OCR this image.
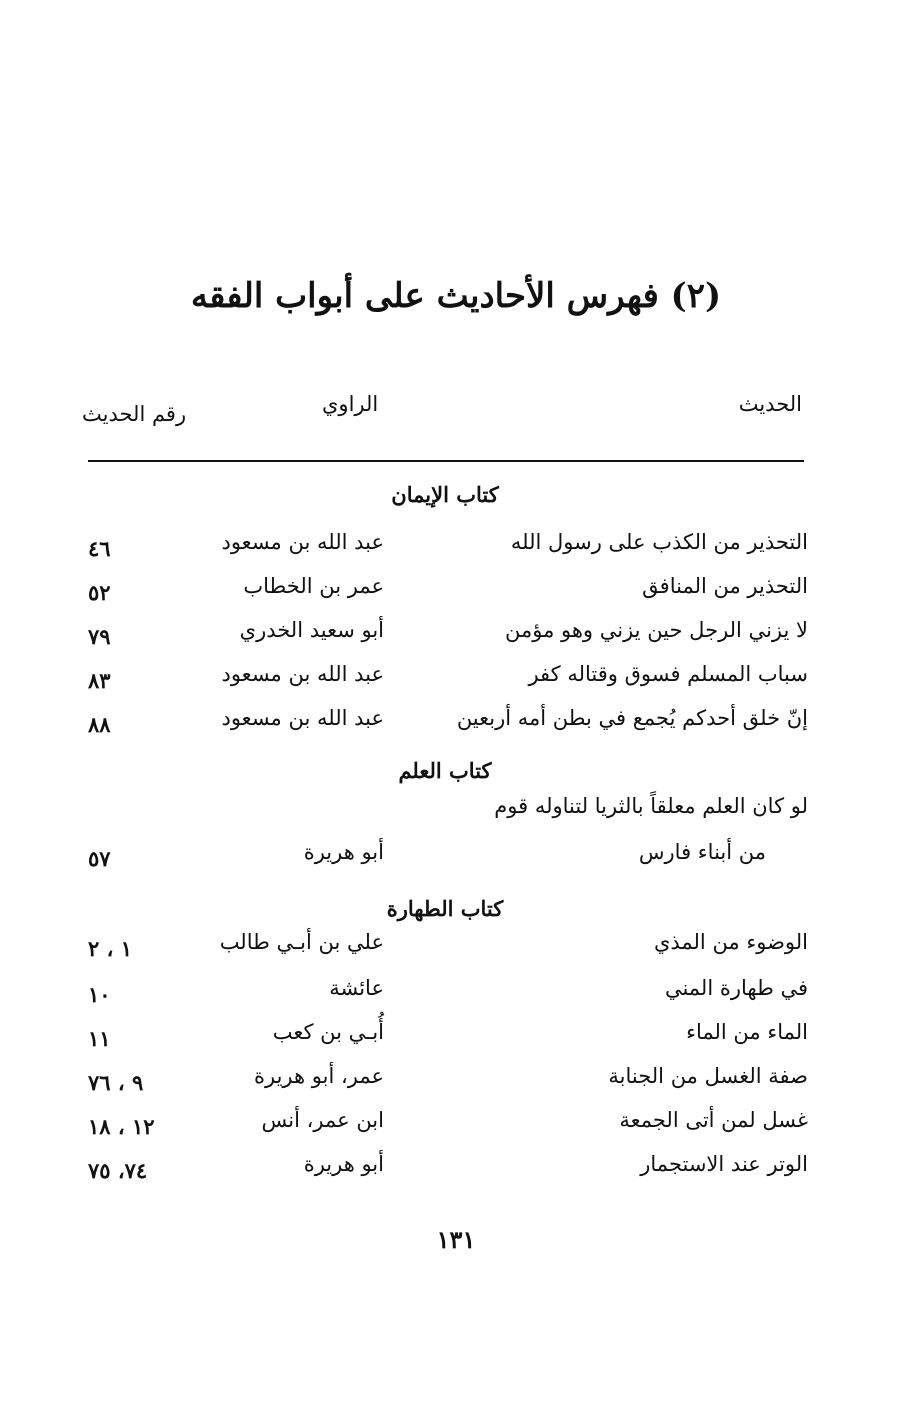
(٢) فهرس الأحاديث على أبواب الفقه
الحديث
الراوي
رقم الحديث
كتاب الإيمان
التحذير من الكذب على رسول الله
عبد الله بن مسعود
٤٦
التحذير من المنافق
عمر بن الخطاب
٥٢
لا يزني الرجل حين يزني وهو مؤمن
أبو سعيد الخدري
٧٩
سباب المسلم فسوق وقتاله كفر
عبد الله بن مسعود
٨٣
إنّ خلق أحدكم يُجمع في بطن أمه أربعين
عبد الله بن مسعود
٨٨
كتاب العلم
لو كان العلم معلقاً بالثريا لتناوله قوم
من أبناء فارس
أبو هريرة
٥٧
كتاب الطهارة
الوضوء من المذي
علي بن أبـي طالب
١ ، ٢
في طهارة المني
عائشة
١٠
الماء من الماء
أُبـي بن كعب
١١
صفة الغسل من الجنابة
عمر، أبو هريرة
٩ ، ٧٦
غسل لمن أتى الجمعة
ابن عمر، أنس
١٢ ، ١٨
الوتر عند الاستجمار
أبو هريرة
٧٤، ٧٥
١٣١
